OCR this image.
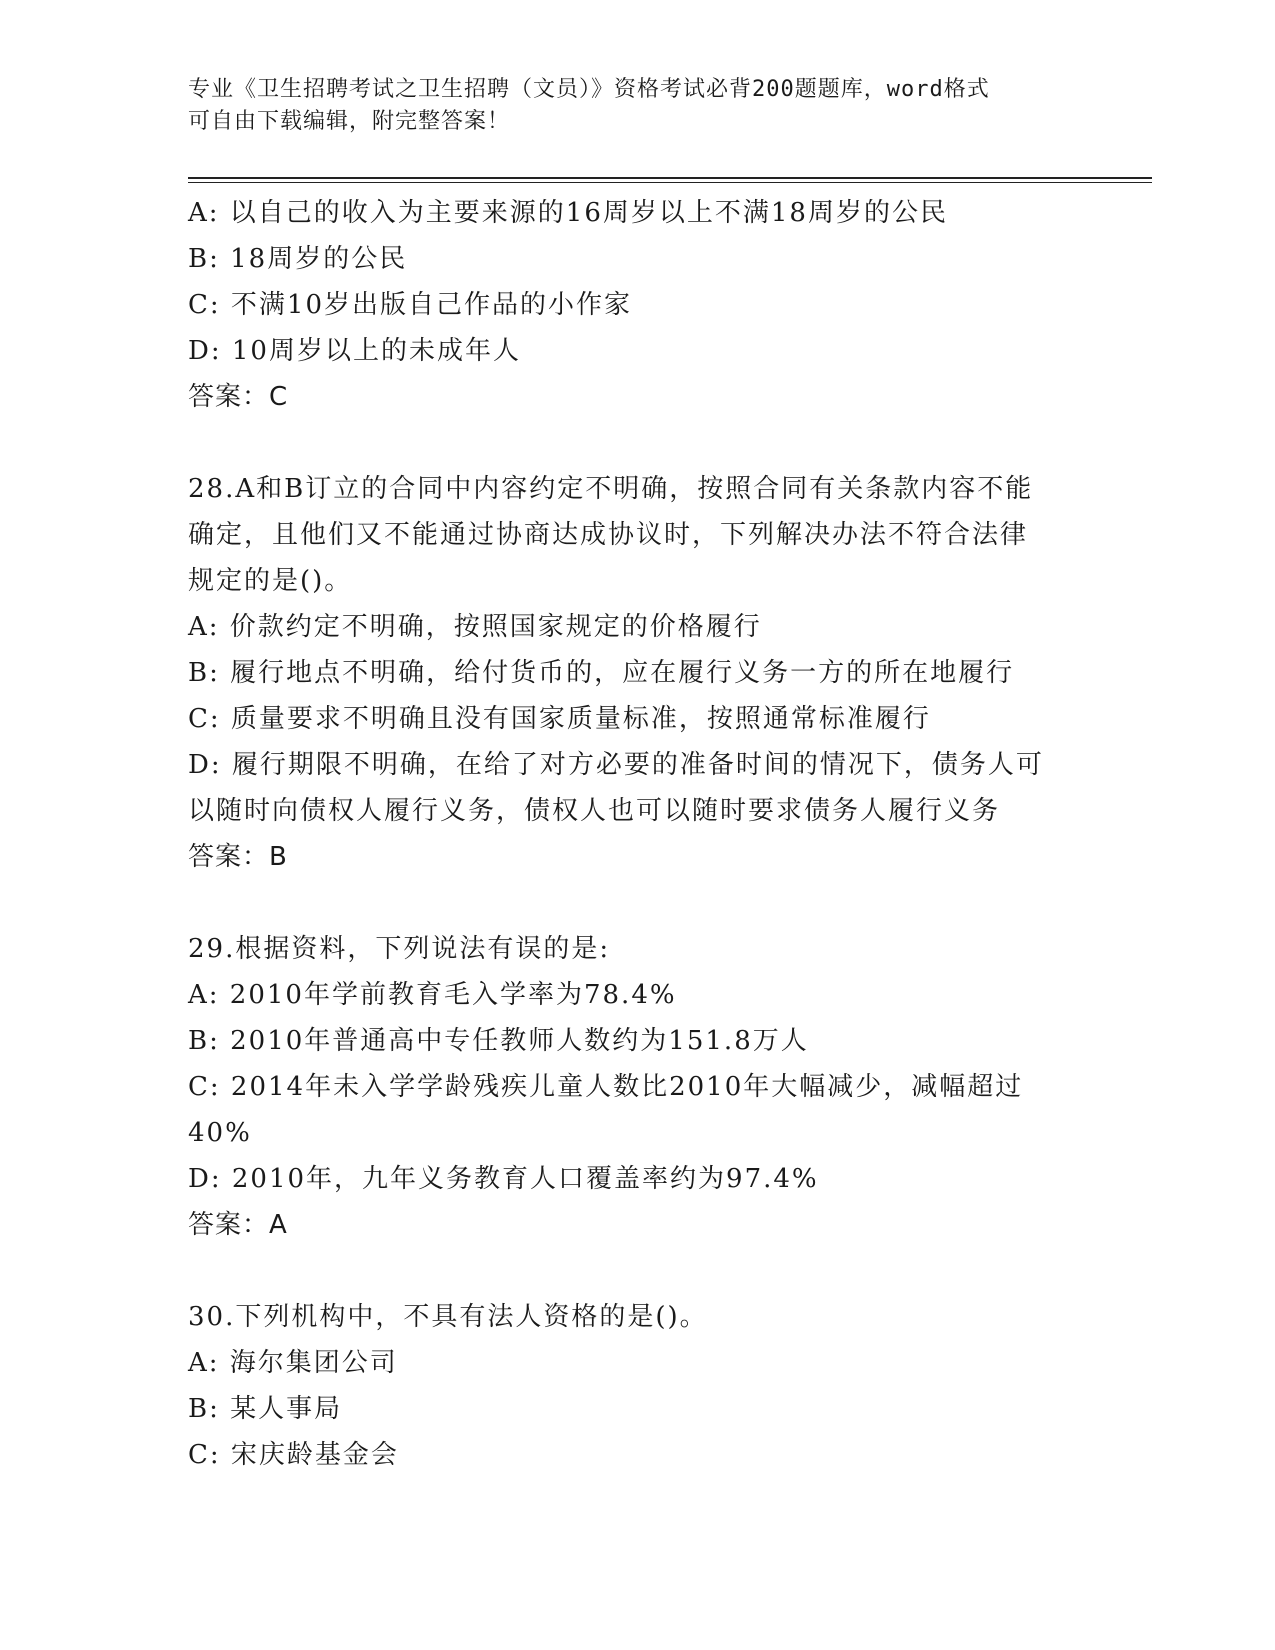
专业《卫生招聘考试之卫生招聘（文员）》资格考试必背200题题库，word格式
可自由下载编辑，附完整答案！
A: 以自己的收入为主要来源的16周岁以上不满18周岁的公民
B: 18周岁的公民
C: 不满10岁出版自己作品的小作家
D: 10周岁以上的未成年人
答案：C
28.A和B订立的合同中内容约定不明确，按照合同有关条款内容不能
确定，且他们又不能通过协商达成协议时，下列解决办法不符合法律
规定的是()。
A: 价款约定不明确，按照国家规定的价格履行
B: 履行地点不明确，给付货币的，应在履行义务一方的所在地履行
C: 质量要求不明确且没有国家质量标准，按照通常标准履行
D: 履行期限不明确，在给了对方必要的准备时间的情况下，债务人可
以随时向债权人履行义务，债权人也可以随时要求债务人履行义务
答案：B
29.根据资料，下列说法有误的是:
A: 2010年学前教育毛入学率为78.4%
B: 2010年普通高中专任教师人数约为151.8万人
C: 2014年未入学学龄残疾儿童人数比2010年大幅减少，减幅超过
40%
D: 2010年，九年义务教育人口覆盖率约为97.4%
答案：A
30.下列机构中，不具有法人资格的是()。
A: 海尔集团公司
B: 某人事局
C: 宋庆龄基金会
